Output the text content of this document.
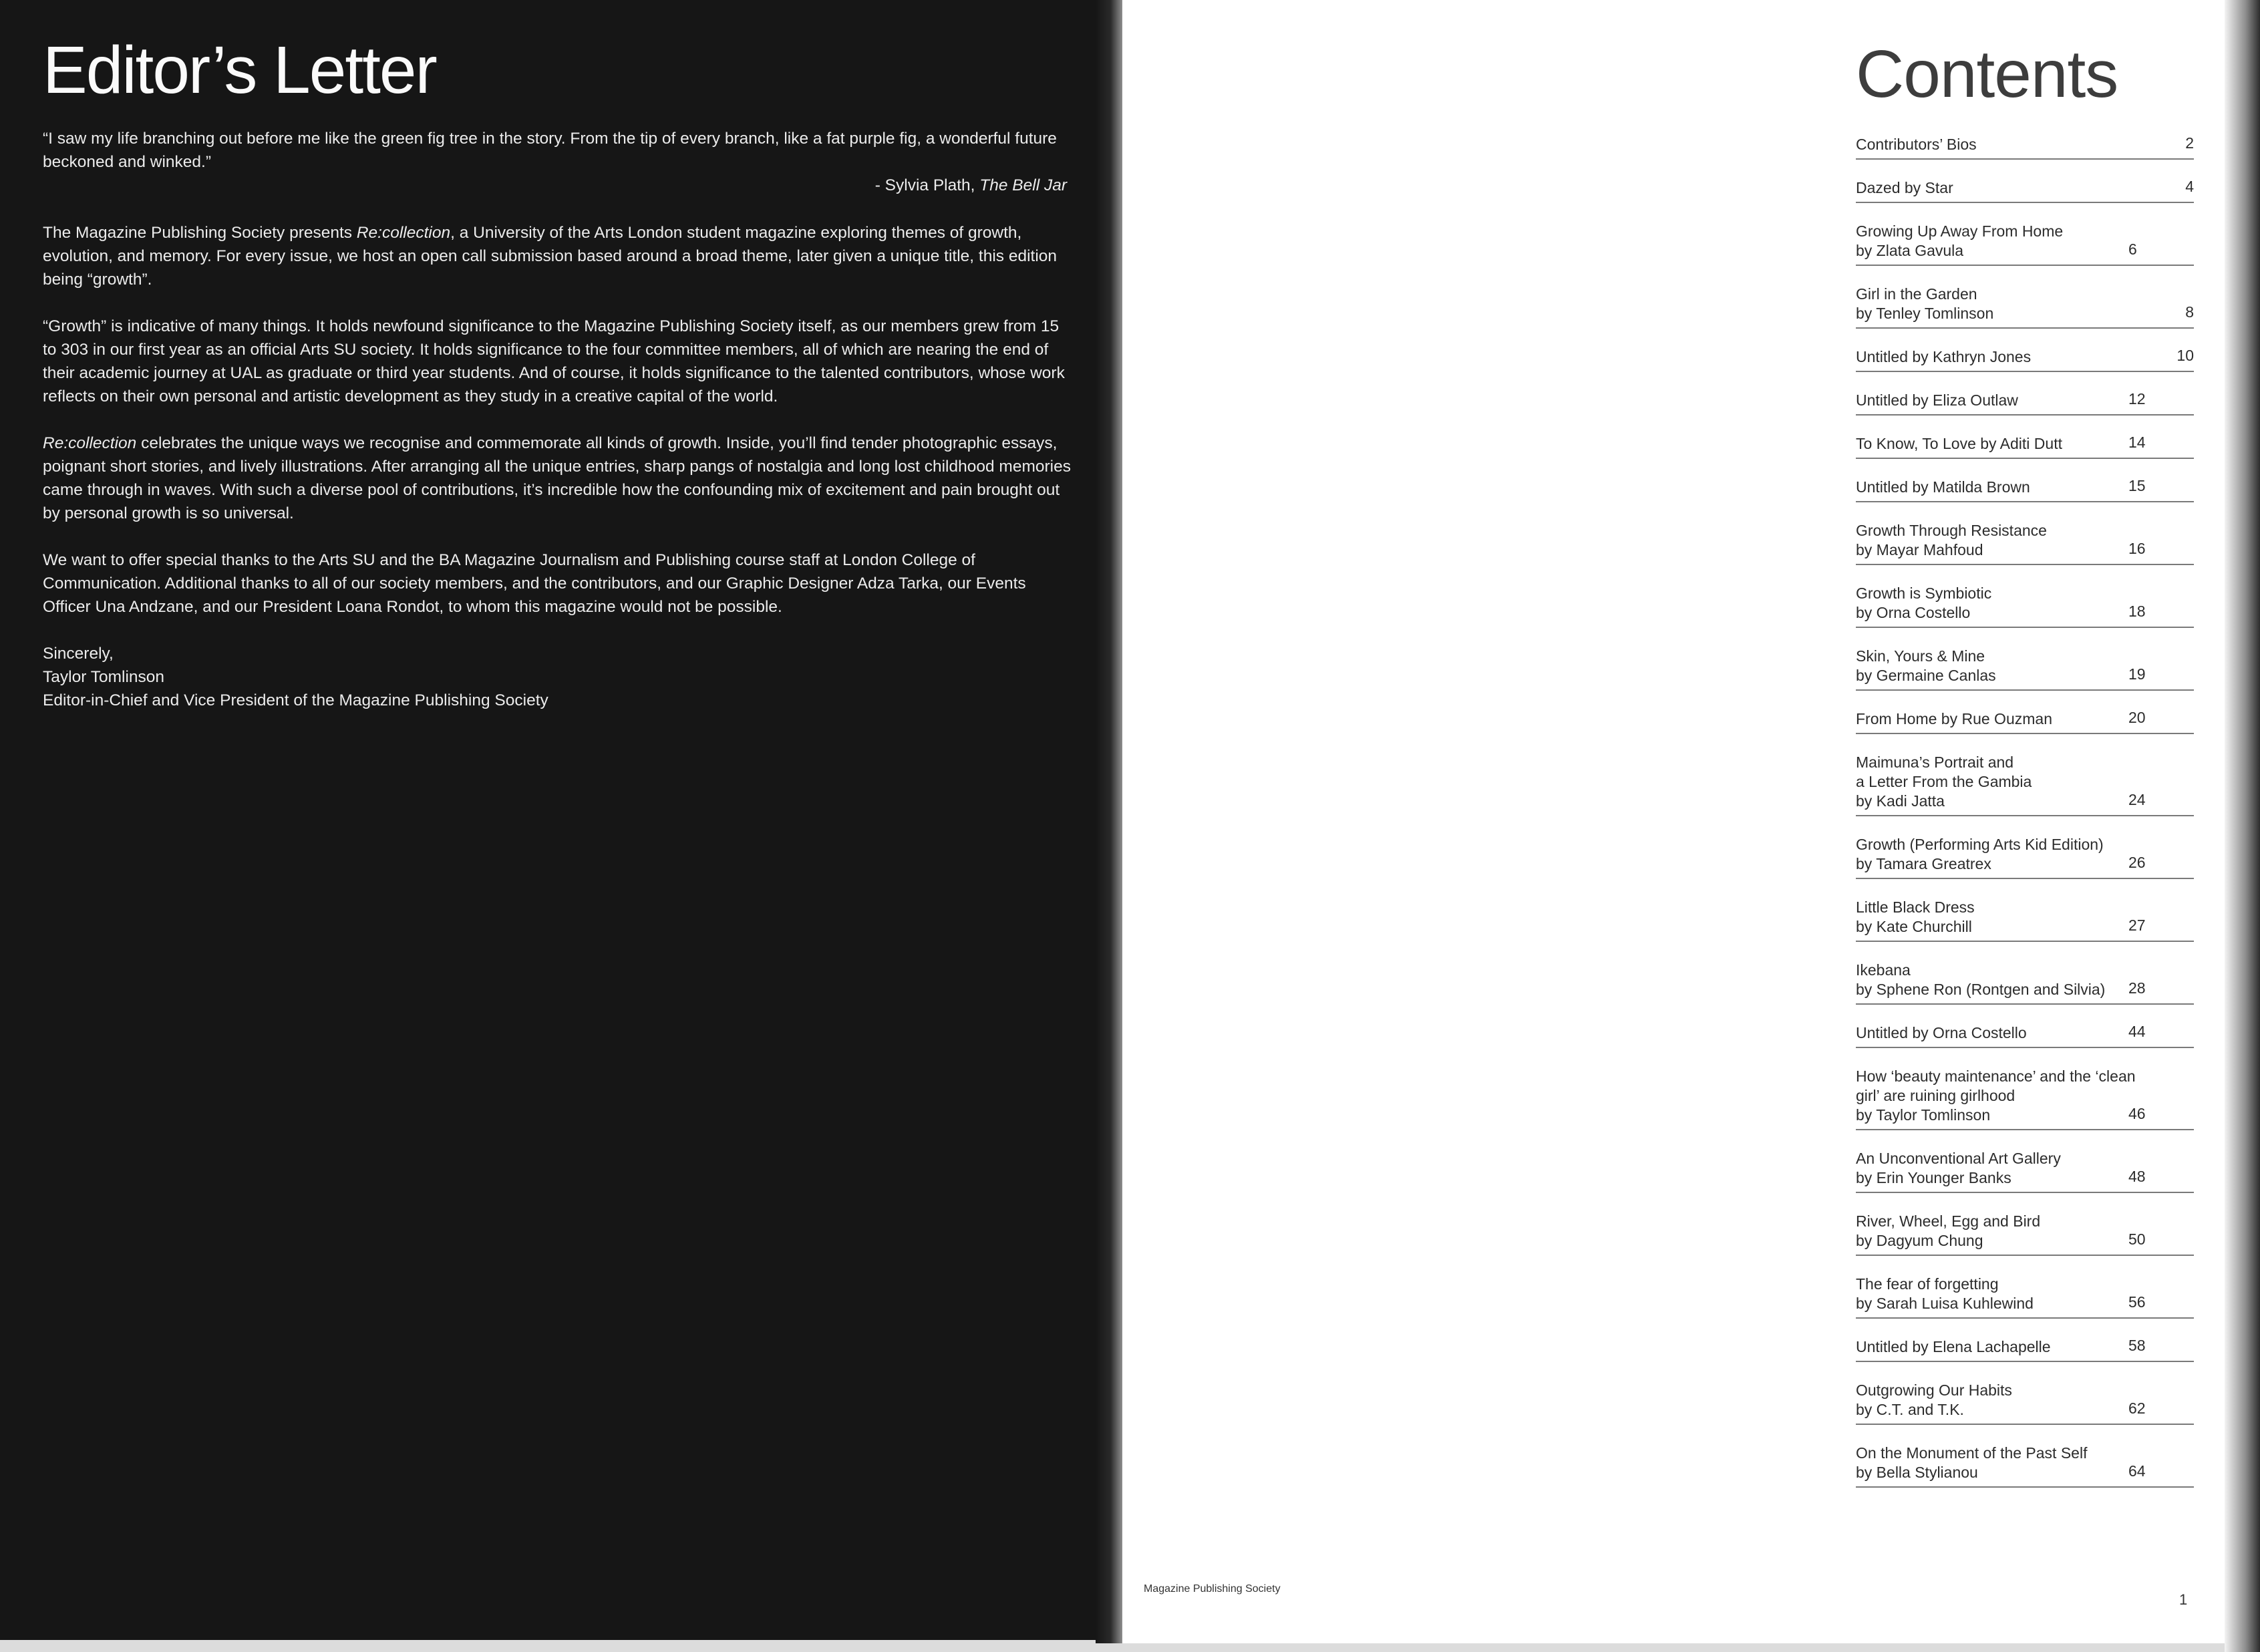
Editor’s Letter

“I saw my life branching out before me like the green fig tree in the story. From the tip of every branch, like a fat purple fig, a wonderful future beckoned and winked.”

- Sylvia Plath, The Bell Jar

The Magazine Publishing Society presents Re:collection, a University of the Arts London student magazine exploring themes of growth, evolution, and memory. For every issue, we host an open call submission based around a broad theme, later given a unique title, this edition being “growth”.

“Growth” is indicative of many things. It holds newfound significance to the Magazine Publishing Society itself, as our members grew from 15 to 303 in our first year as an official Arts SU society. It holds significance to the four committee members, all of which are nearing the end of their academic journey at UAL as graduate or third year students. And of course, it holds significance to the talented contributors, whose work reflects on their own personal and artistic development as they study in a creative capital of the world.

Re:collection celebrates the unique ways we recognise and commemorate all kinds of growth. Inside, you’ll find tender photographic essays, poignant short stories, and lively illustrations. After arranging all the unique entries, sharp pangs of nostalgia and long lost childhood memories came through in waves. With such a diverse pool of contributions, it’s incredible how the confounding mix of excitement and pain brought out by personal growth is so universal.

We want to offer special thanks to the Arts SU and the BA Magazine Journalism and Publishing course staff at London College of Communication. Additional thanks to all of our society members, and the contributors, and our Graphic Designer Adza Tarka, our Events Officer Una Andzane, and our President Loana Rondot, to whom this magazine would not be possible.

Sincerely,

Taylor Tomlinson

Editor-in-Chief and Vice President of the Magazine Publishing Society

Contents
Contributors’ Bios	2
Dazed by Star	4
Growing Up Away From Home
by Zlata Gavula	6
Girl in the Garden
by Tenley Tomlinson	8
Untitled by Kathryn Jones	10
Untitled by Eliza Outlaw	12
To Know, To Love by Aditi Dutt	14
Untitled by Matilda Brown	15
Growth Through Resistance
by Mayar Mahfoud	16
Growth is Symbiotic
by Orna Costello	18
Skin, Yours & Mine
by Germaine Canlas	19
From Home by Rue Ouzman	20
Maimuna’s Portrait and
a Letter From the Gambia
by Kadi Jatta	24
Growth (Performing Arts Kid Edition)
by Tamara Greatrex	26
Little Black Dress
by Kate Churchill	27
Ikebana
by Sphene Ron (Rontgen and Silvia)	28
Untitled by Orna Costello	44
How ‘beauty maintenance’ and the ‘clean
girl’ are ruining girlhood
by Taylor Tomlinson	46
An Unconventional Art Gallery
by Erin Younger Banks	48
River, Wheel, Egg and Bird
by Dagyum Chung	50
The fear of forgetting
by Sarah Luisa Kuhlewind	56
Untitled by Elena Lachapelle	58
Outgrowing Our Habits
by C.T. and T.K.	62
On the Monument of the Past Self
by Bella Stylianou	64
Magazine Publishing Society
1
